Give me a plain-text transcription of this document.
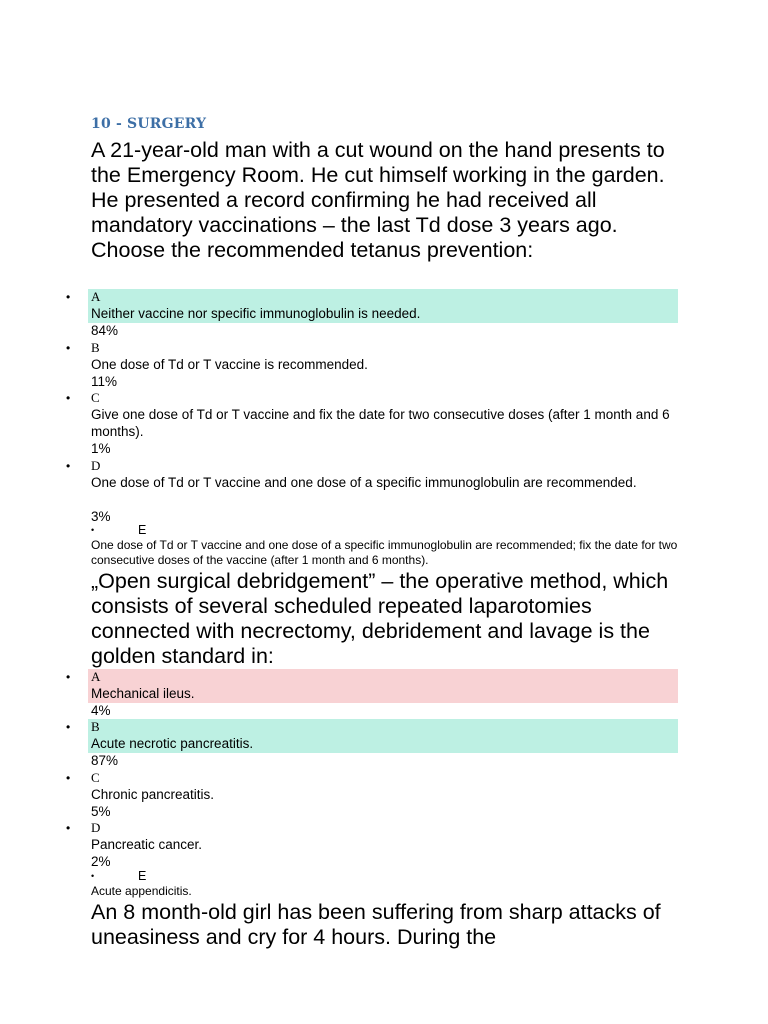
10 - SURGERY

A 21-year-old man with a cut wound on the hand presents to the Emergency Room. He cut himself working in the garden. He presented a record confirming he had received all mandatory vaccinations – the last Td dose 3 years ago. Choose the recommended tetanus prevention:

• A
Neither vaccine nor specific immunoglobulin is needed.
84%
• B
One dose of Td or T vaccine is recommended.
11%
• C
Give one dose of Td or T vaccine and fix the date for two consecutive doses (after 1 month and 6 months).
1%
• D
One dose of Td or T vaccine and one dose of a specific immunoglobulin are recommended.
3%
•	E
One dose of Td or T vaccine and one dose of a specific immunoglobulin are recommended; fix the date for two consecutive doses of the vaccine (after 1 month and 6 months).

„Open surgical debridgement” – the operative method, which consists of several scheduled repeated laparotomies connected with necrectomy, debridement and lavage is the golden standard in:

• A
Mechanical ileus.
4%
• B
Acute necrotic pancreatitis.
87%
• C
Chronic pancreatitis.
5%
• D
Pancreatic cancer.
2%
•	E
Acute appendicitis.

An 8 month-old girl has been suffering from sharp attacks of uneasiness and cry for 4 hours. During the
